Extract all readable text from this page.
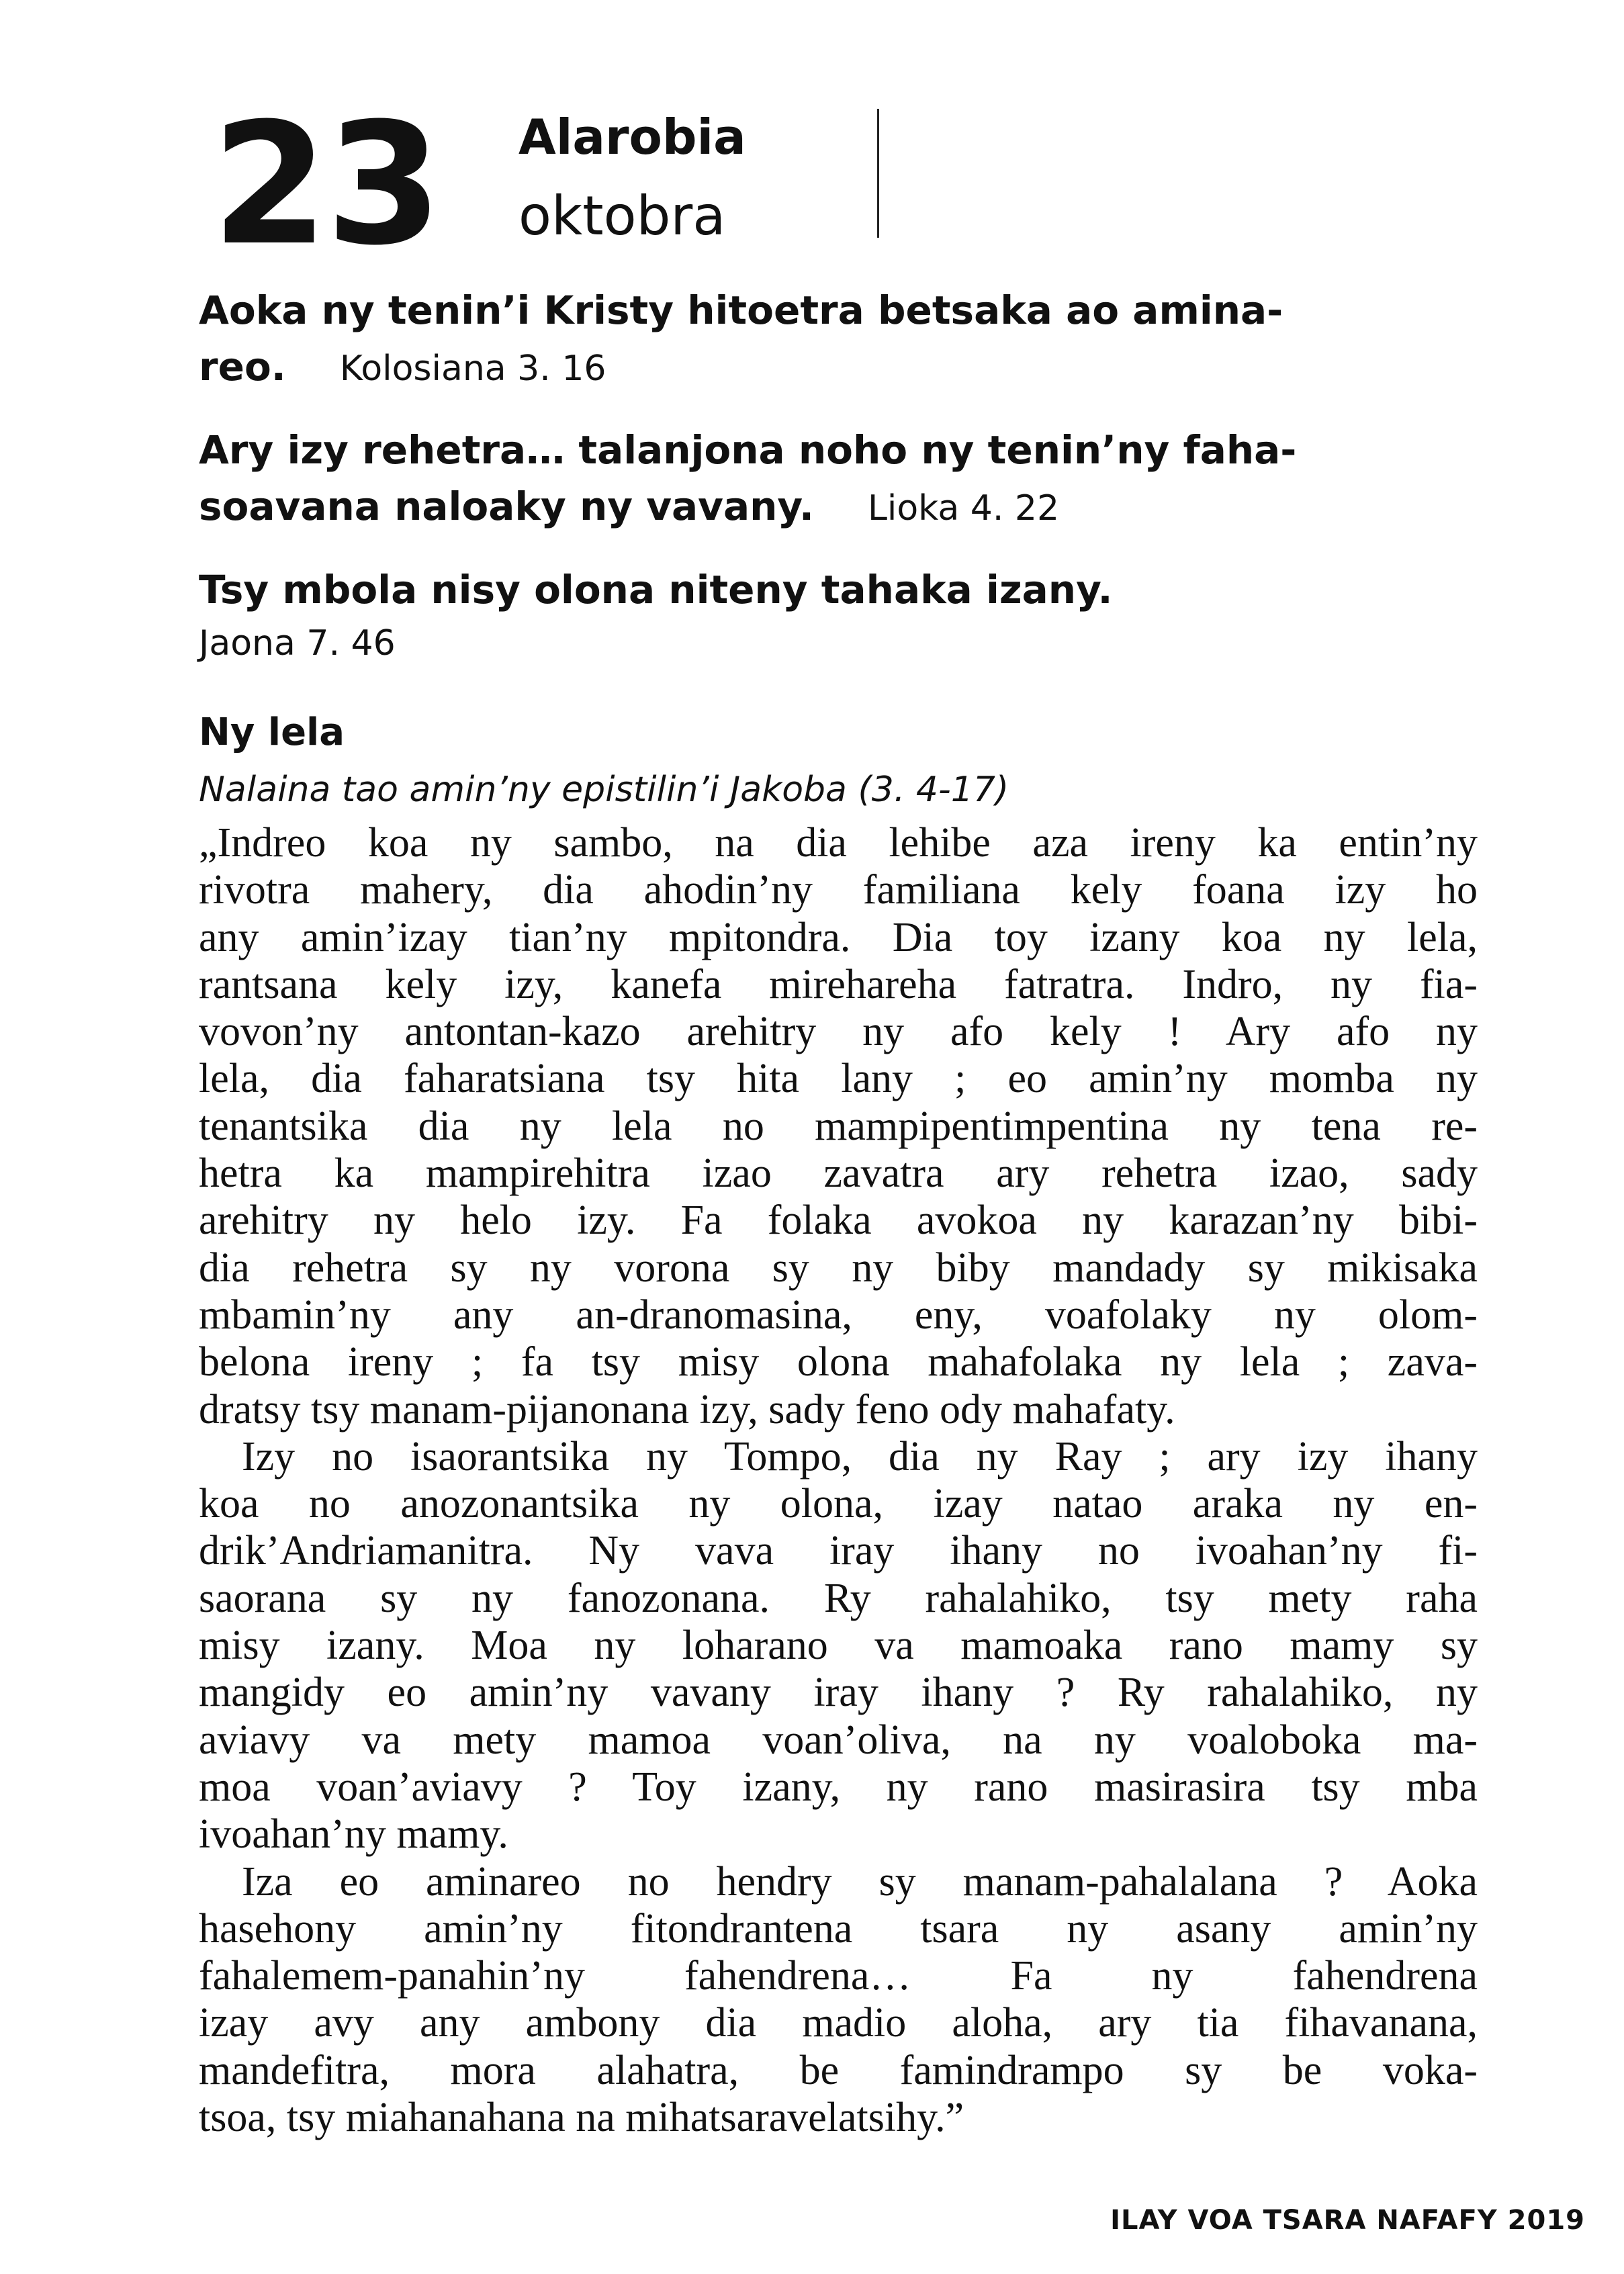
23 Alarobia
oktobra
Aoka ny tenin’i Kristy hitoetra betsaka ao amina-
reo. Kolosiana 3. 16
Ary izy rehetra… talanjona noho ny tenin’ny faha-
soavana naloaky ny vavany. Lioka 4. 22
Tsy mbola nisy olona niteny tahaka izany.
Jaona 7. 46
Ny lela
Nalaina tao amin’ny epistilin’i Jakoba (3. 4-17)
„Indreo koa ny sambo, na dia lehibe aza ireny ka entin’ny
rivotra mahery, dia ahodin’ny familiana kely foana izy ho
any amin’izay tian’ny mpitondra. Dia toy izany koa ny lela,
rantsana kely izy, kanefa mirehareha fatratra. Indro, ny fia-
vovon’ny antontan-kazo arehitry ny afo kely ! Ary afo ny
lela, dia faharatsiana tsy hita lany ; eo amin’ny momba ny
tenantsika dia ny lela no mampipentimpentina ny tena re-
hetra ka mampirehitra izao zavatra ary rehetra izao, sady
arehitry ny helo izy. Fa folaka avokoa ny karazan’ny bibi-
dia rehetra sy ny vorona sy ny biby mandady sy mikisaka
mbamin’ny any an-dranomasina, eny, voafolaky ny olom-
belona ireny ; fa tsy misy olona mahafolaka ny lela ; zava-
dratsy tsy manam-pijanonana izy, sady feno ody mahafaty.
Izy no isaorantsika ny Tompo, dia ny Ray ; ary izy ihany
koa no anozonantsika ny olona, izay natao araka ny en-
drik’Andriamanitra. Ny vava iray ihany no ivoahan’ny fi-
saorana sy ny fanozonana. Ry rahalahiko, tsy mety raha
misy izany. Moa ny loharano va mamoaka rano mamy sy
mangidy eo amin’ny vavany iray ihany ? Ry rahalahiko, ny
aviavy va mety mamoa voan’oliva, na ny voaloboka ma-
moa voan’aviavy ? Toy izany, ny rano masirasira tsy mba
ivoahan’ny mamy.
Iza eo aminareo no hendry sy manam-pahalalana ? Aoka
hasehony amin’ny fitondrantena tsara ny asany amin’ny
fahalemem-panahin’ny fahendrena… Fa ny fahendrena
izay avy any ambony dia madio aloha, ary tia fihavanana,
mandefitra, mora alahatra, be famindrampo sy be voka-
tsoa, tsy miahanahana na mihatsaravelatsihy.”
ILAY VOA TSARA NAFAFY 2019
